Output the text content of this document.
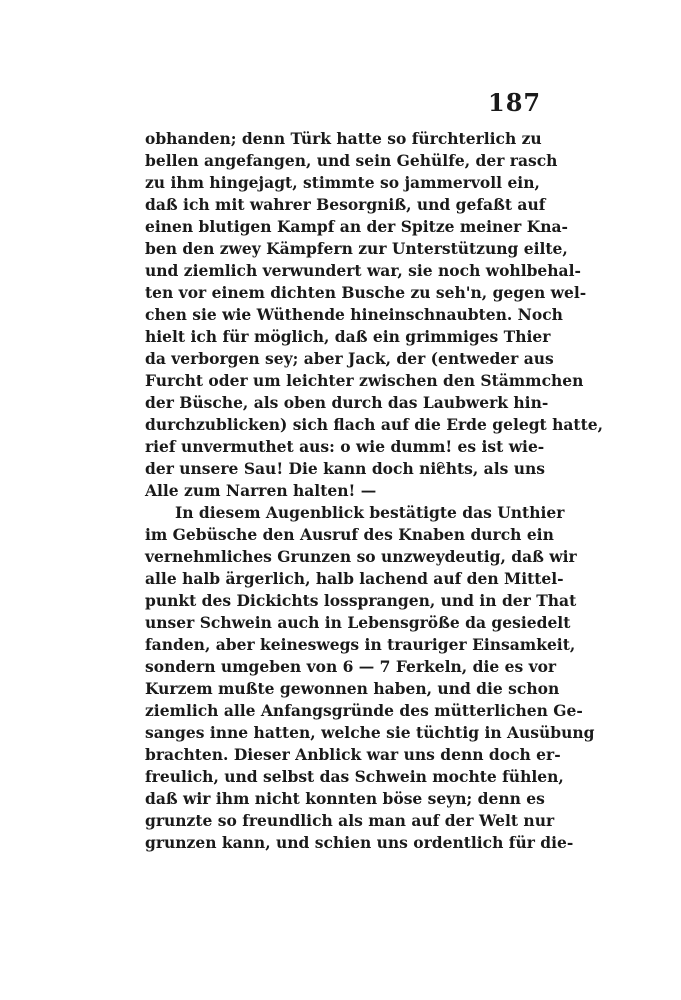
187
obhanden; denn Türk hatte so fürchterlich zu
bellen angefangen, und sein Gehülfe, der rasch
zu ihm hingejagt, stimmte so jammervoll ein,
daß ich mit wahrer Besorgniß, und gefaßt auf
einen blutigen Kampf an der Spitze meiner Kna-
ben den zwey Kämpfern zur Unterstützung eilte,
und ziemlich verwundert war, sie noch wohlbehal-
ten vor einem dichten Busche zu seh'n, gegen wel-
chen sie wie Wüthende hineinschnaubten. Noch
hielt ich für möglich, daß ein grimmiges Thier
da verborgen sey; aber Jack, der (entweder aus
Furcht oder um leichter zwischen den Stämmchen
der Büsche, als oben durch das Laubwerk hin-
durchzublicken) sich flach auf die Erde gelegt hatte,
rief unvermuthet aus: o wie dumm! es ist wie-
der unsere Sau! Die kann doch nichts, als uns
Alle zum Narren halten! —
In diesem Augenblick bestätigte das Unthier
im Gebüsche den Ausruf des Knaben durch ein
vernehmliches Grunzen so unzweydeutig, daß wir
alle halb ärgerlich, halb lachend auf den Mittel-
punkt des Dickichts lossprangen, und in der That
unser Schwein auch in Lebensgröße da gesiedelt
fanden, aber keineswegs in trauriger Einsamkeit,
sondern umgeben von 6 — 7 Ferkeln, die es vor
Kurzem mußte gewonnen haben, und die schon
ziemlich alle Anfangsgründe des mütterlichen Ge-
sanges inne hatten, welche sie tüchtig in Ausübung
brachten. Dieser Anblick war uns denn doch er-
freulich, und selbst das Schwein mochte fühlen,
daß wir ihm nicht konnten böse seyn; denn es
grunzte so freundlich als man auf der Welt nur
grunzen kann, und schien uns ordentlich für die-
